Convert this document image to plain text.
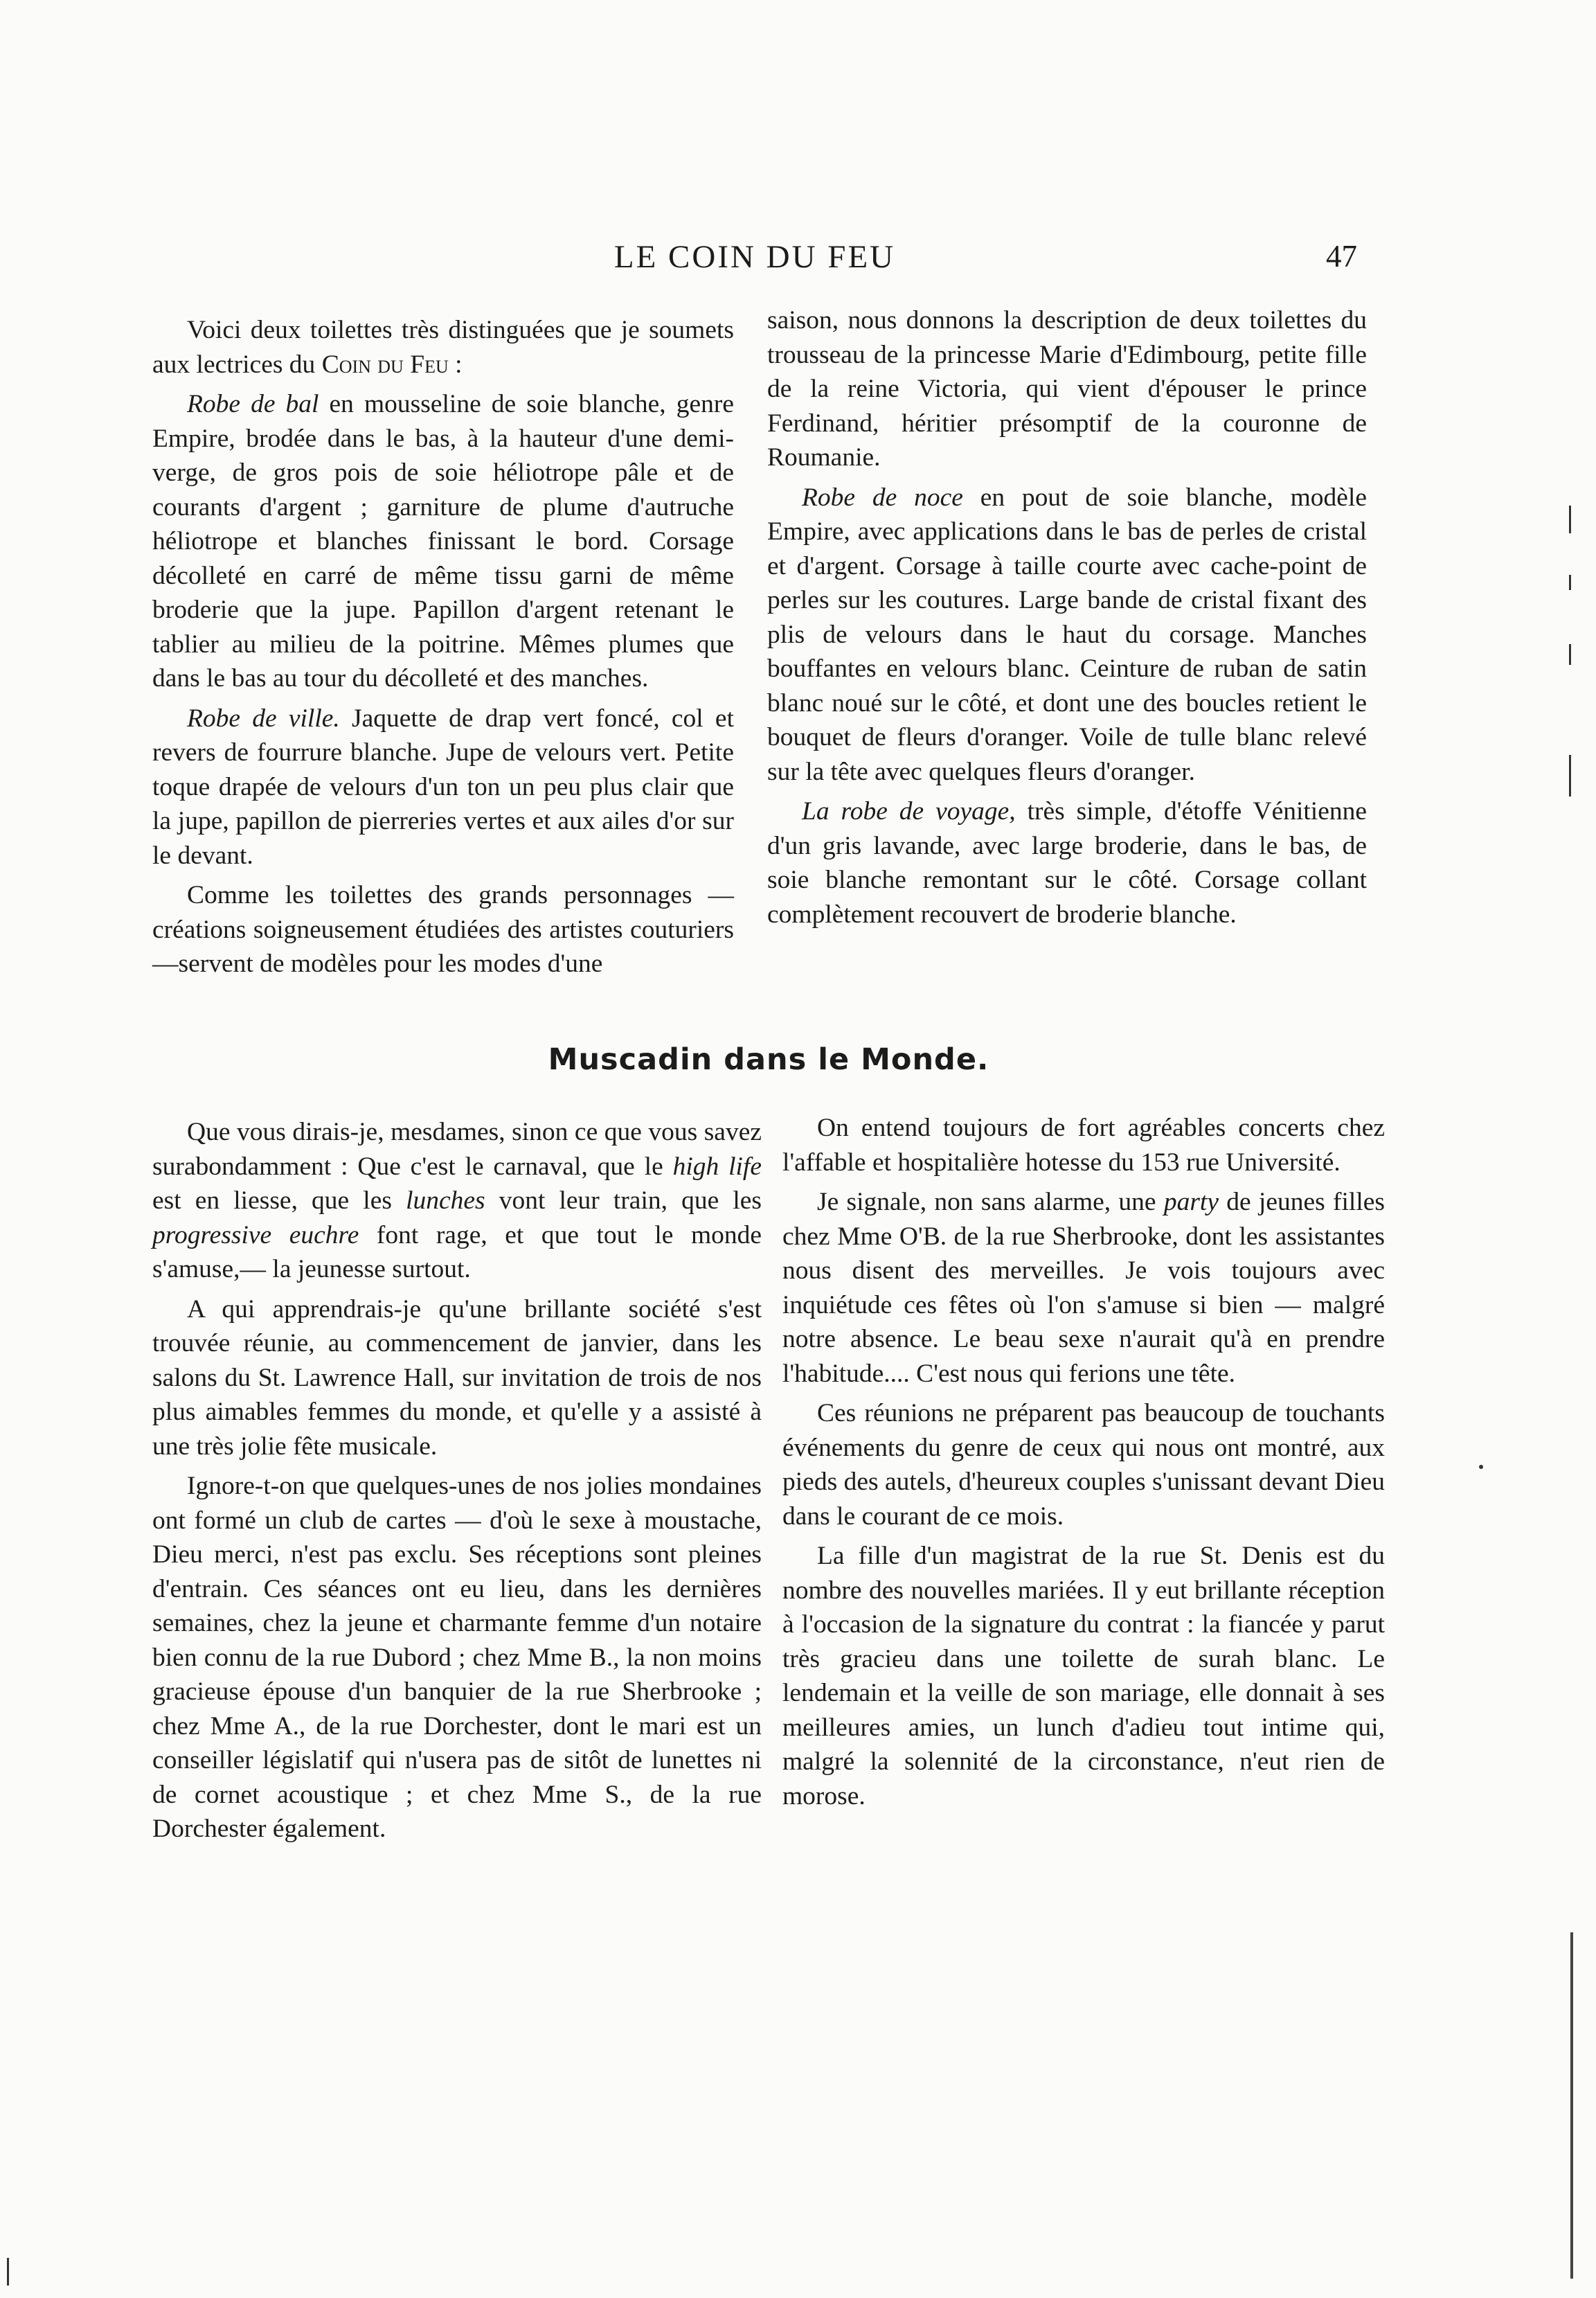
LE COIN DU FEU	47

Voici deux toilettes très distinguées que je soumets aux lectrices du Coin du Feu :

Robe de bal en mousseline de soie blanche, genre Empire, brodée dans le bas, à la hauteur d'une demi-verge, de gros pois de soie héliotrope pâle et de courants d'argent ; garniture de plume d'autruche héliotrope et blanches finissant le bord. Corsage décolleté en carré de même tissu garni de même broderie que la jupe. Papillon d'argent retenant le tablier au milieu de la poitrine. Mêmes plumes que dans le bas au tour du décolleté et des manches.

Robe de ville. Jaquette de drap vert foncé, col et revers de fourrure blanche. Jupe de velours vert. Petite toque drapée de velours d'un ton un peu plus clair que la jupe, papillon de pierreries vertes et aux ailes d'or sur le devant.

Comme les toilettes des grands personnages — créations soigneusement étudiées des artistes couturiers—servent de modèles pour les modes d'une

saison, nous donnons la description de deux toilettes du trousseau de la princesse Marie d'Edimbourg, petite fille de la reine Victoria, qui vient d'épouser le prince Ferdinand, héritier présomptif de la couronne de Roumanie.

Robe de noce en pout de soie blanche, modèle Empire, avec applications dans le bas de perles de cristal et d'argent. Corsage à taille courte avec cache-point de perles sur les coutures. Large bande de cristal fixant des plis de velours dans le haut du corsage. Manches bouffantes en velours blanc. Ceinture de ruban de satin blanc noué sur le côté, et dont une des boucles retient le bouquet de fleurs d'oranger. Voile de tulle blanc relevé sur la tête avec quelques fleurs d'oranger.

La robe de voyage, très simple, d'étoffe Vénitienne d'un gris lavande, avec large broderie, dans le bas, de soie blanche remontant sur le côté. Corsage collant complètement recouvert de broderie blanche.

Muscadin dans le Monde.

Que vous dirais-je, mesdames, sinon ce que vous savez surabondamment : Que c'est le carnaval, que le high life est en liesse, que les lunches vont leur train, que les progressive euchre font rage, et que tout le monde s'amuse,— la jeunesse surtout.

A qui apprendrais-je qu'une brillante société s'est trouvée réunie, au commencement de janvier, dans les salons du St. Lawrence Hall, sur invitation de trois de nos plus aimables femmes du monde, et qu'elle y a assisté à une très jolie fête musicale.

Ignore-t-on que quelques-unes de nos jolies mondaines ont formé un club de cartes — d'où le sexe à moustache, Dieu merci, n'est pas exclu. Ses réceptions sont pleines d'entrain. Ces séances ont eu lieu, dans les dernières semaines, chez la jeune et charmante femme d'un notaire bien connu de la rue Dubord ; chez Mme B., la non moins gracieuse épouse d'un banquier de la rue Sherbrooke ; chez Mme A., de la rue Dorchester, dont le mari est un conseiller législatif qui n'usera pas de sitôt de lunettes ni de cornet acoustique ; et chez Mme S., de la rue Dorchester également.

On entend toujours de fort agréables concerts chez l'affable et hospitalière hotesse du 153 rue Université.

Je signale, non sans alarme, une party de jeunes filles chez Mme O'B. de la rue Sherbrooke, dont les assistantes nous disent des merveilles. Je vois toujours avec inquiétude ces fêtes où l'on s'amuse si bien — malgré notre absence. Le beau sexe n'aurait qu'à en prendre l'habitude.... C'est nous qui ferions une tête.

Ces réunions ne préparent pas beaucoup de touchants événements du genre de ceux qui nous ont montré, aux pieds des autels, d'heureux couples s'unissant devant Dieu dans le courant de ce mois.

La fille d'un magistrat de la rue St. Denis est du nombre des nouvelles mariées. Il y eut brillante réception à l'occasion de la signature du contrat : la fiancée y parut très gracieu dans une toilette de surah blanc. Le lendemain et la veille de son mariage, elle donnait à ses meilleures amies, un lunch d'adieu tout intime qui, malgré la solennité de la circonstance, n'eut rien de morose.
